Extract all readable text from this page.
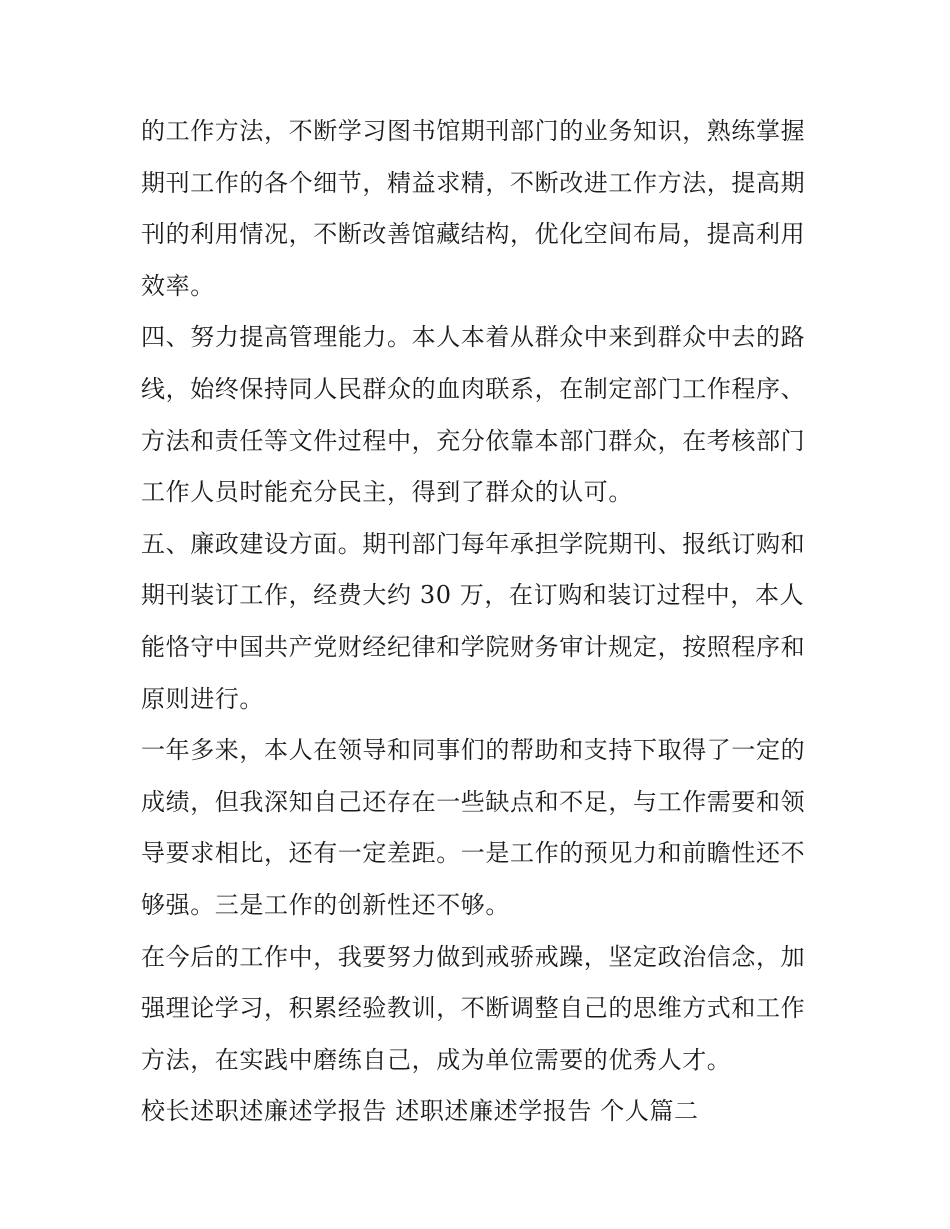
的工作方法，不断学习图书馆期刊部门的业务知识，熟练掌握
期刊工作的各个细节，精益求精，不断改进工作方法，提高期
刊的利用情况，不断改善馆藏结构，优化空间布局，提高利用
效率。
四、努力提高管理能力。本人本着从群众中来到群众中去的路
线，始终保持同人民群众的血肉联系，在制定部门工作程序、
方法和责任等文件过程中，充分依靠本部门群众，在考核部门
工作人员时能充分民主，得到了群众的认可。
五、廉政建设方面。期刊部门每年承担学院期刊、报纸订购和
期刊装订工作，经费大约 30 万，在订购和装订过程中，本人
能恪守中国共产党财经纪律和学院财务审计规定，按照程序和
原则进行。
一年多来，本人在领导和同事们的帮助和支持下取得了一定的
成绩，但我深知自己还存在一些缺点和不足，与工作需要和领
导要求相比，还有一定差距。一是工作的预见力和前瞻性还不
够强。三是工作的创新性还不够。
在今后的工作中，我要努力做到戒骄戒躁，坚定政治信念，加
强理论学习，积累经验教训，不断调整自己的思维方式和工作
方法，在实践中磨练自己，成为单位需要的优秀人才。
校长述职述廉述学报告 述职述廉述学报告 个人篇二
